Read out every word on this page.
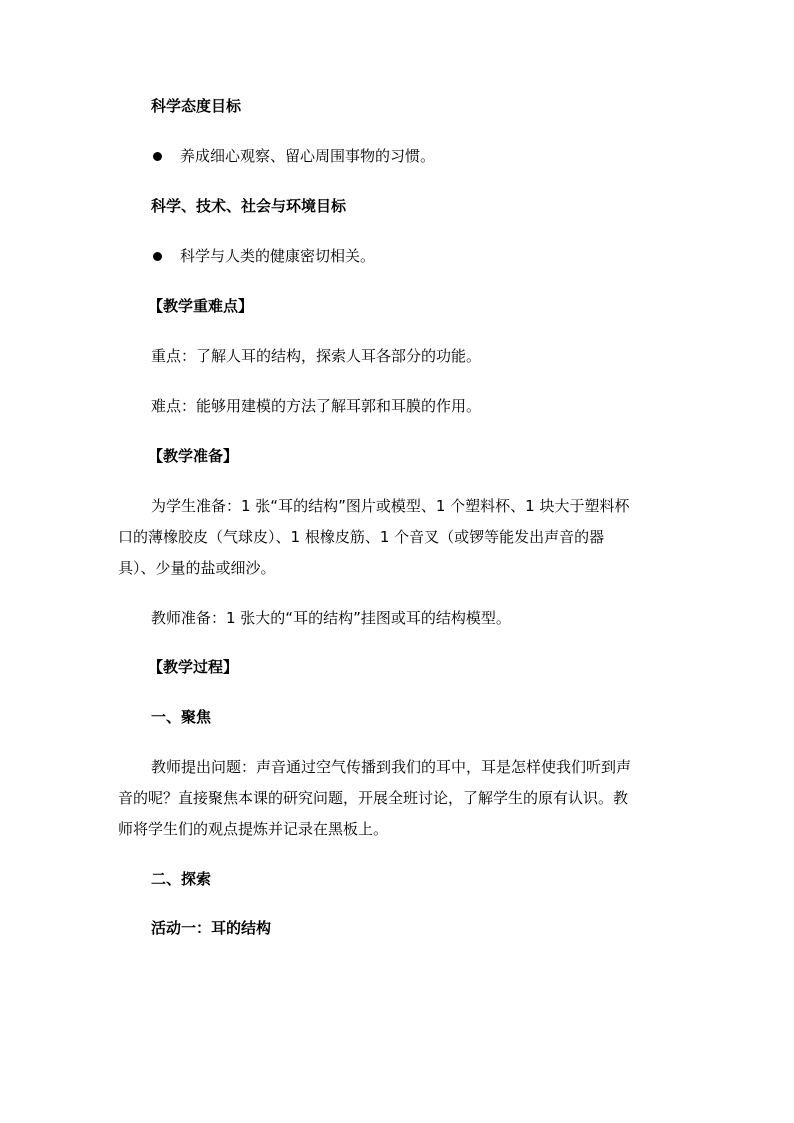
科学态度目标
养成细心观察、留心周围事物的习惯。
科学、技术、社会与环境目标
科学与人类的健康密切相关。
【教学重难点】
重点：了解人耳的结构，探索人耳各部分的功能。
难点：能够用建模的方法了解耳郭和耳膜的作用。
【教学准备】
为学生准备：1 张“耳的结构”图片或模型、1 个塑料杯、1 块大于塑料杯
口的薄橡胶皮（气球皮）、1 根橡皮筋、1 个音叉（或锣等能发出声音的器
具）、少量的盐或细沙。
教师准备：1 张大的“耳的结构”挂图或耳的结构模型。
【教学过程】
一、聚焦
教师提出问题：声音通过空气传播到我们的耳中，耳是怎样使我们听到声
音的呢？直接聚焦本课的研究问题，开展全班讨论，了解学生的原有认识。教
师将学生们的观点提炼并记录在黑板上。
二、探索
活动一：耳的结构
